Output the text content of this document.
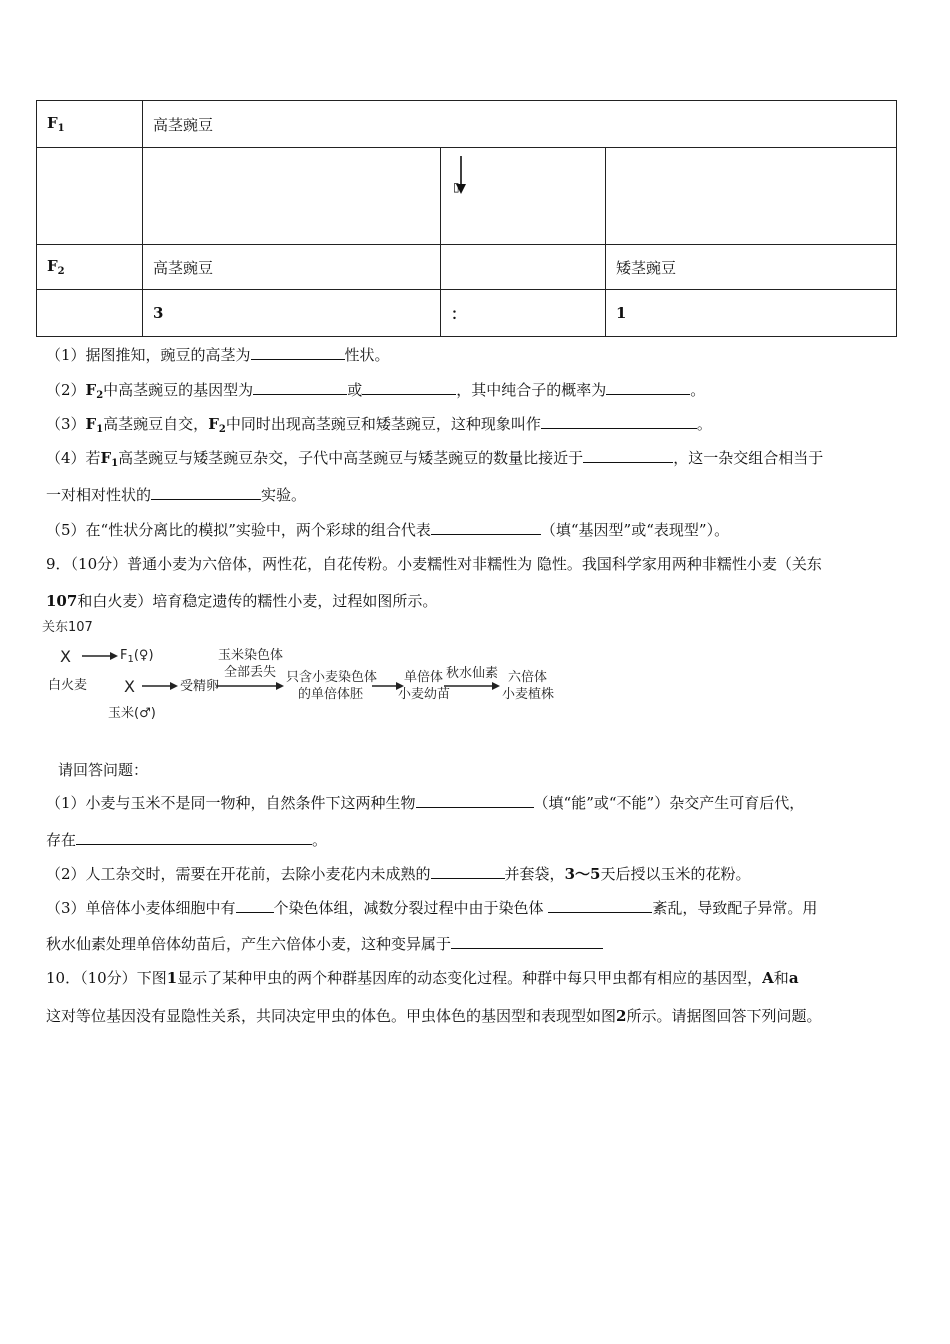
$F_1$	高茎豌豆		

		▯	

$F_2$	高茎豌豆		矮茎豌豆
	3	：	1
（1）据图推知，豌豆的高茎为	性状。
$(2)F_2$中高茎豌豆的基因型为	或	，其中纯合子的概率为	。
$(3)F_1$高茎豌豆自交，$F_2$中同时出现高茎豌豆和矮茎豌豆，这种现象叫作	。
（4）若$F_1$高茎豌豆与矮茎豌豆杂交，子代中高茎豌豆与矮茎豌豆的数量比接近于	，这一杂交组合相当于
一对相对性状的	实验。
（5）在“性状分离比的模拟”实验中，两个彩球的组合代表	（填“基因型”或“表现型”）。
9．（10分）普通小麦为六倍体，两性花，自花传粉。小麦糯性对非糯性为 隐性。我国科学家用两种非糯性小麦（关东
107和白火麦）培育稳定遗传的糯性小麦，过程如图所示。
关东107
X	$F_1(♀)$
白火麦 X	受精卵
玉米(♂)
玉米染色体
全部丢失 只含小麦染色体
的单倍体胚
单倍体
小麦幼苗
秋水仙素 六倍体
小麦植株
请回答问题：
（1）小麦与玉米不是同一物种，自然条件下这两种生物	（填“能”或“不能”）杂交产生可育后代，
存在	。
（2）人工杂交时，需要在开花前，去除小麦花内未成熟的	并套袋，3～5天后授以玉米的花粉。
（3）单倍体小麦体细胞中有	个染色体组，减数分裂过程中由于染色体	紊乱，导致配子异常。用
秋水仙素处理单倍体幼苗后，产生六倍体小麦，这种变异属于
10．（10分）下图1显示了某种甲虫的两个种群基因库的动态变化过程。种群中每只甲虫都有相应的基因型，A和a
这对等位基因没有显隐性关系，共同决定甲虫的体色。甲虫体色的基因型和表现型如图2所示。请据图回答下列问题。
